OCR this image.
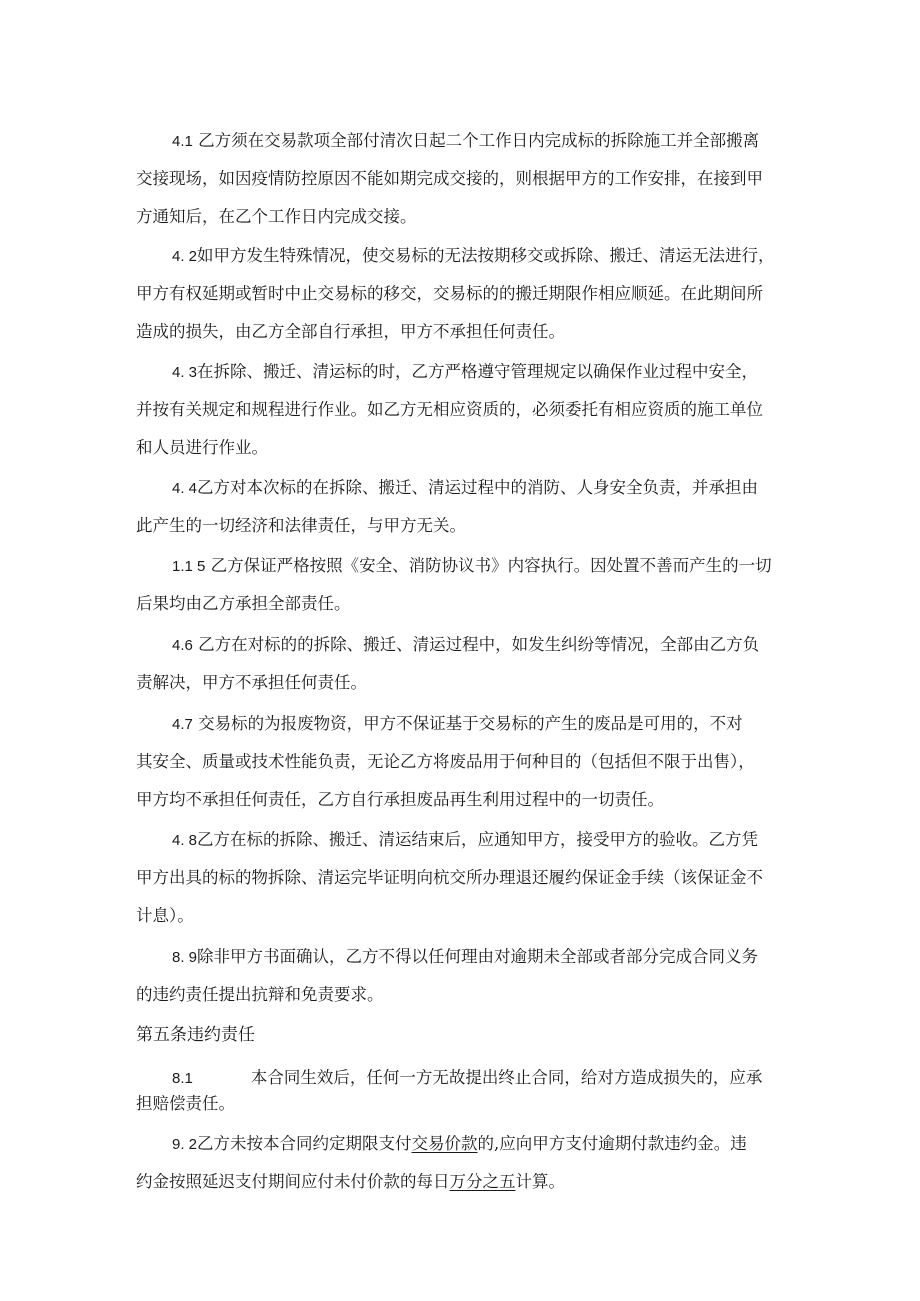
4.1 乙方须在交易款项全部付清次日起二个工作日内完成标的拆除施工并全部搬离
交接现场，如因疫情防控原因不能如期完成交接的，则根据甲方的工作安排，在接到甲
方通知后，在乙个工作日内完成交接。
4. 2如甲方发生特殊情况，使交易标的无法按期移交或拆除、搬迁、清运无法进行，
甲方有权延期或暂时中止交易标的移交，交易标的的搬迁期限作相应顺延。在此期间所
造成的损失，由乙方全部自行承担，甲方不承担任何责任。
4. 3在拆除、搬迁、清运标的时，乙方严格遵守管理规定以确保作业过程中安全，
并按有关规定和规程进行作业。如乙方无相应资质的，必须委托有相应资质的施工单位
和人员进行作业。
4. 4乙方对本次标的在拆除、搬迁、清运过程中的消防、人身安全负责，并承担由
此产生的一切经济和法律责任，与甲方无关。
1.1 5 乙方保证严格按照《安全、消防协议书》内容执行。因处置不善而产生的一切
后果均由乙方承担全部责任。
4.6 乙方在对标的的拆除、搬迁、清运过程中，如发生纠纷等情况，全部由乙方负
责解决，甲方不承担任何责任。
4.7 交易标的为报废物资，甲方不保证基于交易标的产生的废品是可用的，不对
其安全、质量或技术性能负责，无论乙方将废品用于何种目的（包括但不限于出售），
甲方均不承担任何责任，乙方自行承担废品再生利用过程中的一切责任。
4. 8乙方在标的拆除、搬迁、清运结束后，应通知甲方，接受甲方的验收。乙方凭
甲方出具的标的物拆除、清运完毕证明向杭交所办理退还履约保证金手续（该保证金不
计息）。
8. 9除非甲方书面确认，乙方不得以任何理由对逾期未全部或者部分完成合同义务
的违约责任提出抗辩和免责要求。
第五条违约责任
8.1	本合同生效后，任何一方无故提出终止合同，给对方造成损失的，应承
担赔偿责任。
9. 2乙方未按本合同约定期限支付交易价款的,应向甲方支付逾期付款违约金。违
约金按照延迟支付期间应付未付价款的每日万分之五计算。
